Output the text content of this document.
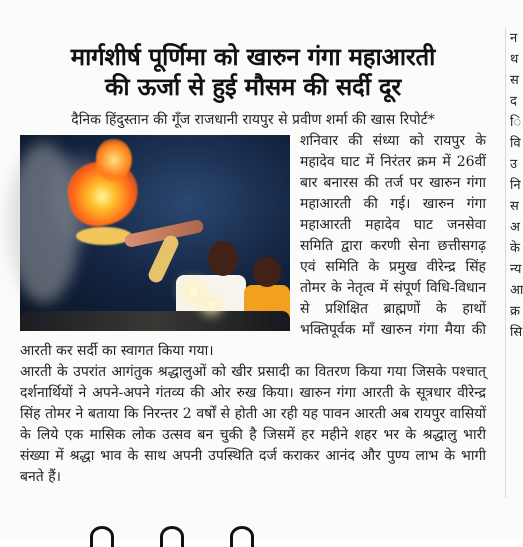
मार्गशीर्ष पूर्णिमा को खारुन गंगा महाआरती
की ऊर्जा से हुई मौसम की सर्दी दूर

दैनिक हिंदुस्तान की गूँज राजधानी रायपुर से प्रवीण शर्मा की खास रिपोर्ट*

शनिवार की संध्या को रायपुर के महादेव घाट में निरंतर क्रम में 26वीं बार बनारस की तर्ज पर खारुन गंगा महाआरती की गई। खारुन गंगा महाआरती महादेव घाट जनसेवा समिति द्वारा करणी सेना छत्तीसगढ़ एवं समिति के प्रमुख वीरेन्द्र सिंह तोमर के नेतृत्व में संपूर्ण विधि-विधान से प्रशिक्षित ब्राह्मणों के हाथों भक्तिपूर्वक माँ खारुन गंगा मैया की आरती कर सर्दी का स्वागत किया गया।

आरती के उपरांत आगंतुक श्रद्धालुओं को खीर प्रसादी का वितरण किया गया जिसके पश्चात् दर्शनार्थियों ने अपने-अपने गंतव्य की ओर रुख किया। खारुन गंगा आरती के सूत्रधार वीरेन्द्र सिंह तोमर ने बताया कि निरन्तर 2 वर्षों से होती आ रही यह पावन आरती अब रायपुर वासियों के लिये एक मासिक लोक उत्सव बन चुकी है जिसमें हर महीने शहर भर के श्रद्धालु भारी संख्या में श्रद्धा भाव के साथ अपनी उपस्थिति दर्ज कराकर आनंद और पुण्य लाभ के भागी बनते हैं।

न
थ
स
द
ि
वि
उ
नि
स
अ
के
न्य
आ
क्र
सि
